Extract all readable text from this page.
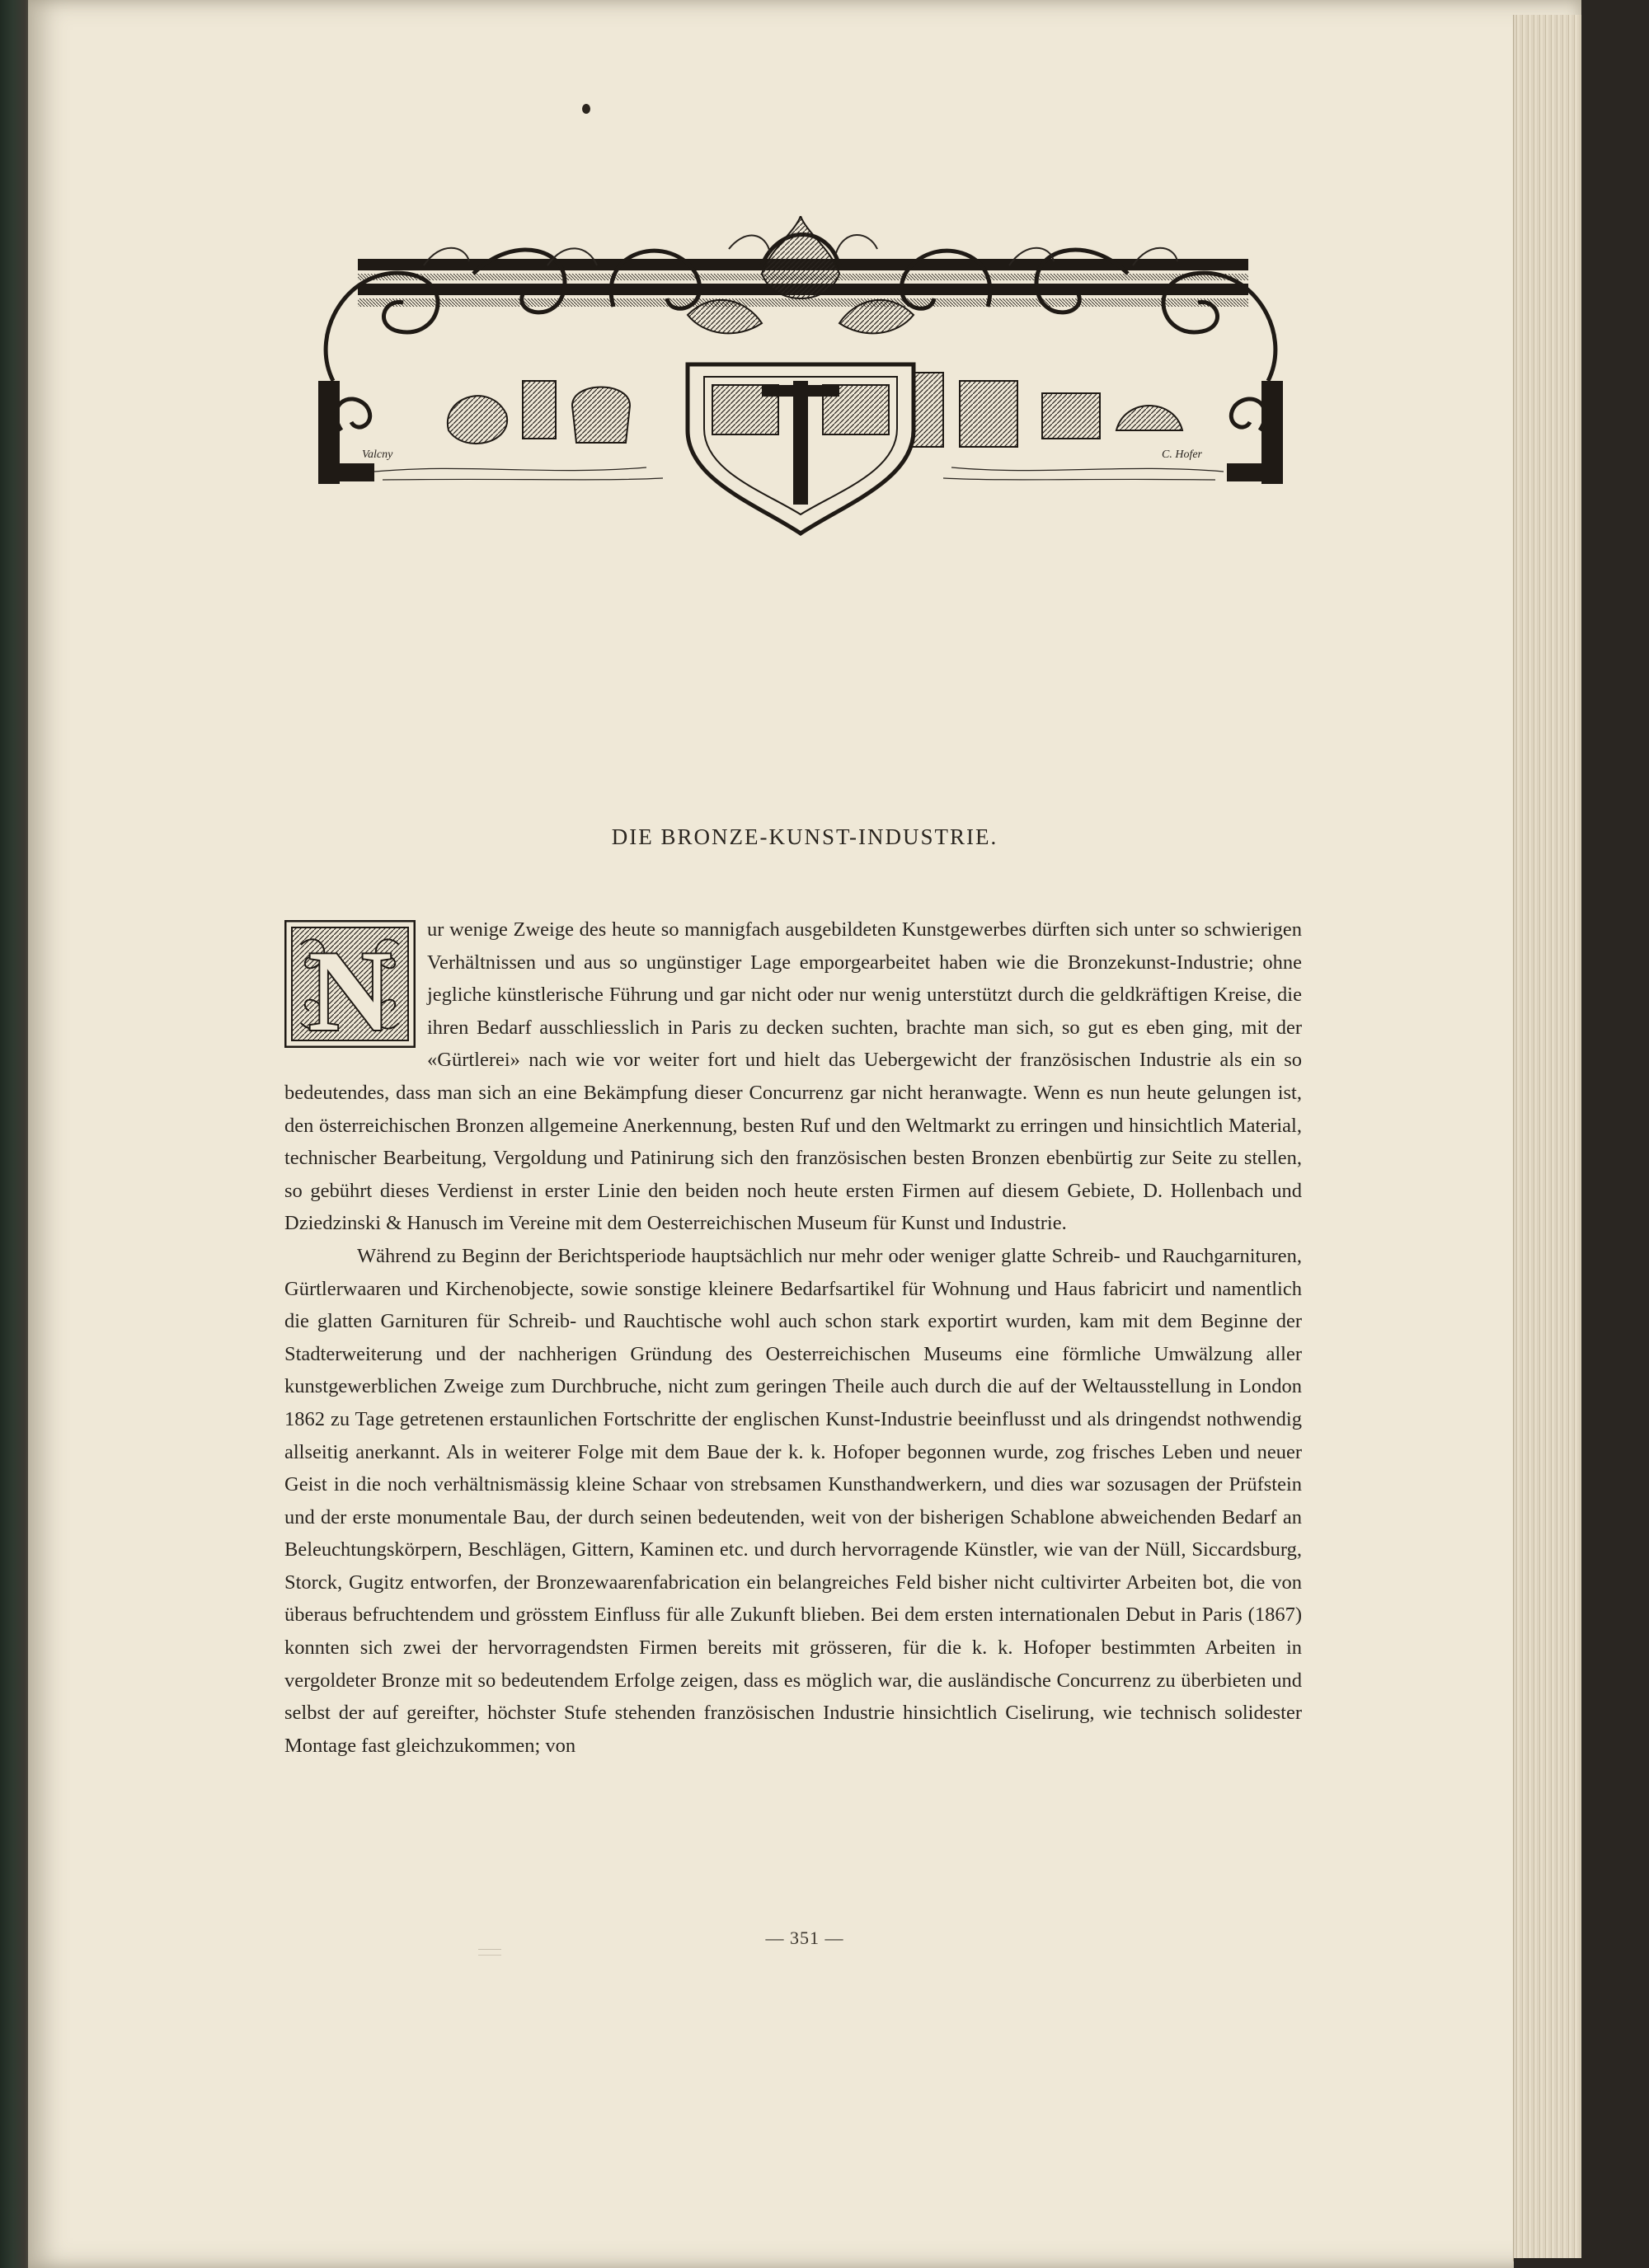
Valcny	C. Hofer
DIE BRONZE-KUNST-INDUSTRIE.
N	ur wenige Zweige des heute so mannigfach ausgebildeten Kunstgewerbes dürften sich unter so schwierigen Verhältnissen und aus so ungünstiger Lage emporgearbeitet haben wie die Bronzekunst-Industrie; ohne jegliche künstlerische Führung und gar nicht oder nur wenig unterstützt durch die geldkräftigen Kreise, die ihren Bedarf ausschliesslich in Paris zu decken suchten, brachte man sich, so gut es eben ging, mit der «Gürtlerei» nach wie vor weiter fort und hielt das Uebergewicht der französischen Industrie als ein so bedeutendes, dass man sich an eine Bekämpfung dieser Concurrenz gar nicht heranwagte. Wenn es nun heute gelungen ist, den österreichischen Bronzen allgemeine Anerkennung, besten Ruf und den Weltmarkt zu erringen und hinsichtlich Material, technischer Bearbeitung, Vergoldung und Patinirung sich den französischen besten Bronzen ebenbürtig zur Seite zu stellen, so gebührt dieses Verdienst in erster Linie den beiden noch heute ersten Firmen auf diesem Gebiete, D. Hollenbach und Dziedzinski & Hanusch im Vereine mit dem Oesterreichischen Museum für Kunst und Industrie.

Während zu Beginn der Berichtsperiode hauptsächlich nur mehr oder weniger glatte Schreib- und Rauchgarnituren, Gürtlerwaaren und Kirchenobjecte, sowie sonstige kleinere Bedarfsartikel für Wohnung und Haus fabricirt und namentlich die glatten Garnituren für Schreib- und Rauchtische wohl auch schon stark exportirt wurden, kam mit dem Beginne der Stadterweiterung und der nachherigen Gründung des Oesterreichischen Museums eine förmliche Umwälzung aller kunstgewerblichen Zweige zum Durchbruche, nicht zum geringen Theile auch durch die auf der Weltausstellung in London 1862 zu Tage getretenen erstaunlichen Fortschritte der englischen Kunst-Industrie beeinflusst und als dringendst nothwendig allseitig anerkannt. Als in weiterer Folge mit dem Baue der k. k. Hofoper begonnen wurde, zog frisches Leben und neuer Geist in die noch verhältnismässig kleine Schaar von strebsamen Kunsthandwerkern, und dies war sozusagen der Prüfstein und der erste monumentale Bau, der durch seinen bedeutenden, weit von der bisherigen Schablone abweichenden Bedarf an Beleuchtungskörpern, Beschlägen, Gittern, Kaminen etc. und durch hervorragende Künstler, wie van der Nüll, Siccardsburg, Storck, Gugitz entworfen, der Bronzewaarenfabrication ein belangreiches Feld bisher nicht cultivirter Arbeiten bot, die von überaus befruchtendem und grösstem Einfluss für alle Zukunft blieben. Bei dem ersten internationalen Debut in Paris (1867) konnten sich zwei der hervorragendsten Firmen bereits mit grösseren, für die k. k. Hofoper bestimmten Arbeiten in vergoldeter Bronze mit so bedeutendem Erfolge zeigen, dass es möglich war, die ausländische Concurrenz zu überbieten und selbst der auf gereifter, höchster Stufe stehenden französischen Industrie hinsichtlich Ciselirung, wie technisch solidester Montage fast gleichzukommen; von

— 351 —
